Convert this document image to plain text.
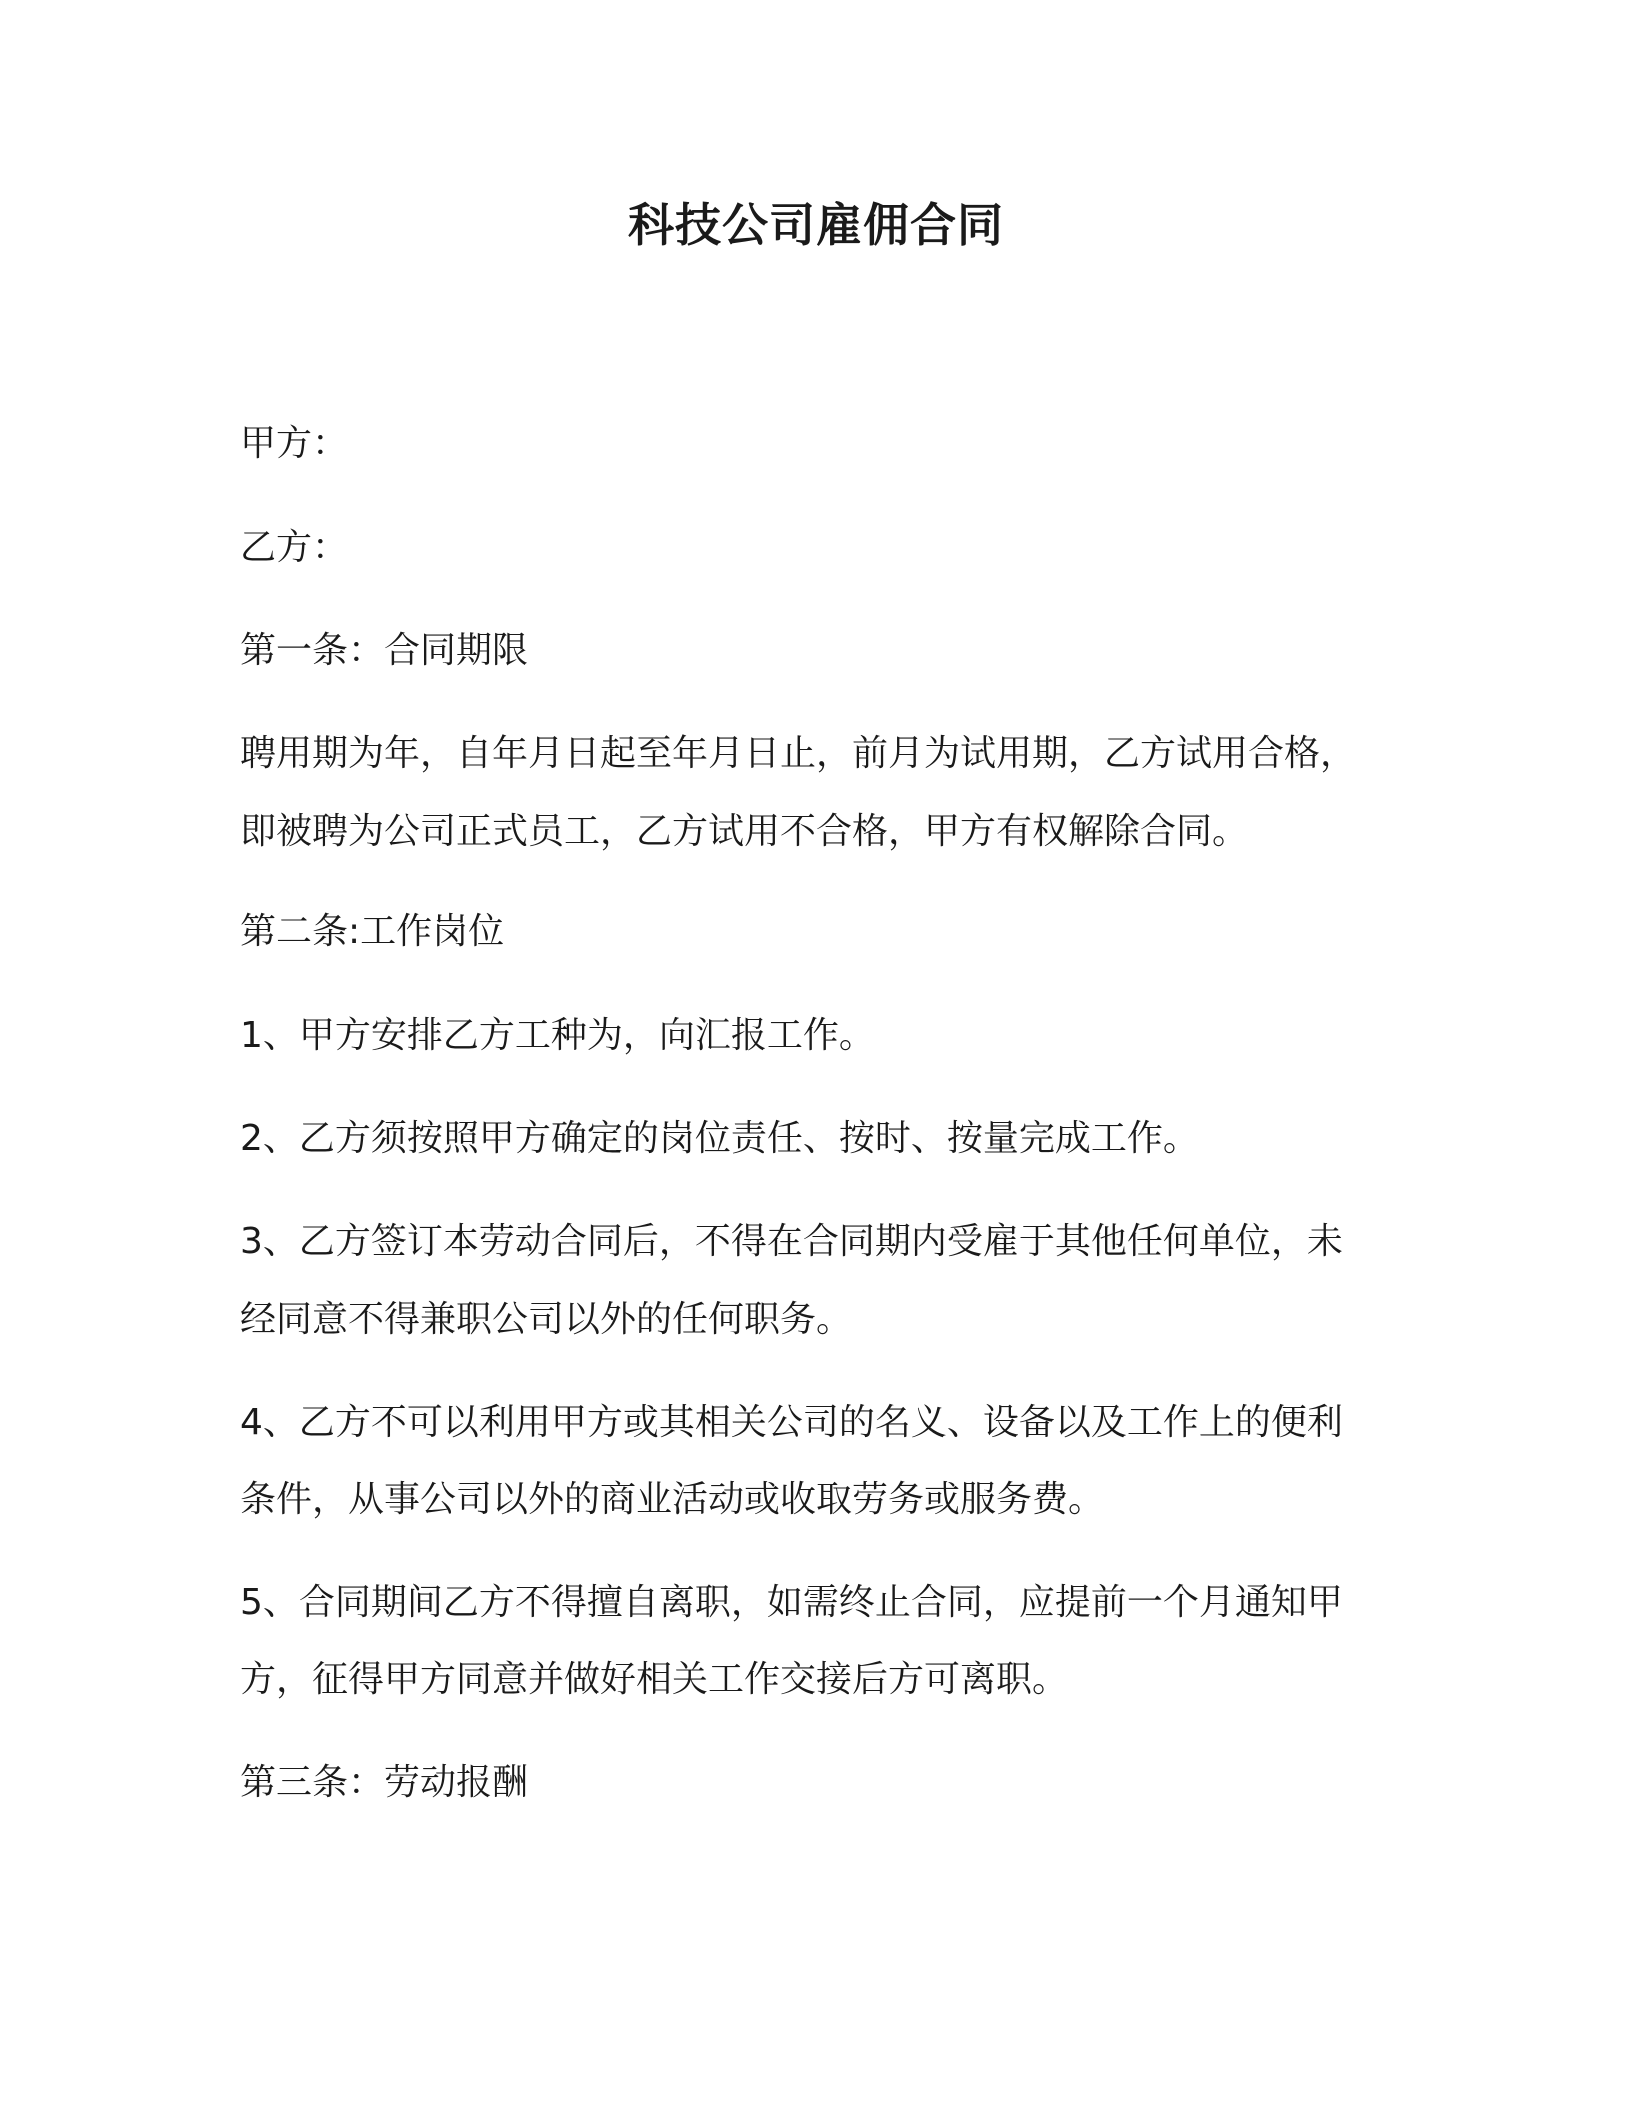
科技公司雇佣合同
甲方：
乙方：
第一条：合同期限
聘用期为年，自年月日起至年月日止，前月为试用期，乙方试用合格，
即被聘为公司正式员工，乙方试用不合格，甲方有权解除合同。
第二条:工作岗位
1、甲方安排乙方工种为，向汇报工作。
2、乙方须按照甲方确定的岗位责任、按时、按量完成工作。
3、乙方签订本劳动合同后，不得在合同期内受雇于其他任何单位，未
经同意不得兼职公司以外的任何职务。
4、乙方不可以利用甲方或其相关公司的名义、设备以及工作上的便利
条件，从事公司以外的商业活动或收取劳务或服务费。
5、合同期间乙方不得擅自离职，如需终止合同，应提前一个月通知甲
方，征得甲方同意并做好相关工作交接后方可离职。
第三条：劳动报酬
